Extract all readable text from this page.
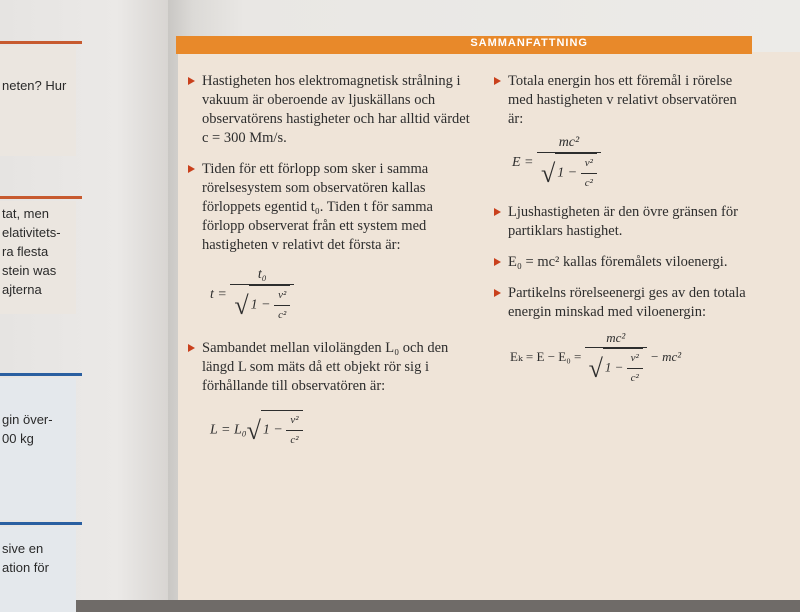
neten? Hur
tat, men
elativitets-
ra flesta
stein was
ajterna
gin över-
00 kg
sive en
ation för
SAMMANFATTNING

Hastigheten hos elektromagnetisk strålning i vakuum är oberoende av ljuskällans och observatörens hastigheter och har alltid värdet c = 300 Mm/s.

Tiden för ett förlopp som sker i samma rörelsesystem som observatören kallas förloppets egentid t₀. Tiden t för samma förlopp observerat från ett system med hastigheten v relativt det första är:

$t = \frac{\text{t₀}}{√ 1 - \frac{\text{v²}}{\text{c²}}}$

Sambandet mellan vilolängden L₀ och den längd L som mäts då ett objekt rör sig i förhållande till observatören är:

L = L₀√ $1 - \frac{\text{v²}}{\text{c²}}$

Totala energin hos ett föremål i rörelse med hastigheten v relativt observatören är:

$E = \frac{\text{mc²}}{√ 1 - \frac{\text{v²}}{\text{c²}}}$

Ljushastigheten är den övre gränsen för partiklars hastighet.

E₀ = mc² kallas föremålets viloenergi.

Partikelns rörelseenergi ges av den totala energin minskad med viloenergin:

$E_k = E - E_0 = \frac{\text{mc²}}{√ 1 - \frac{\text{v²}}{\text{c²}}} - mc^2$
